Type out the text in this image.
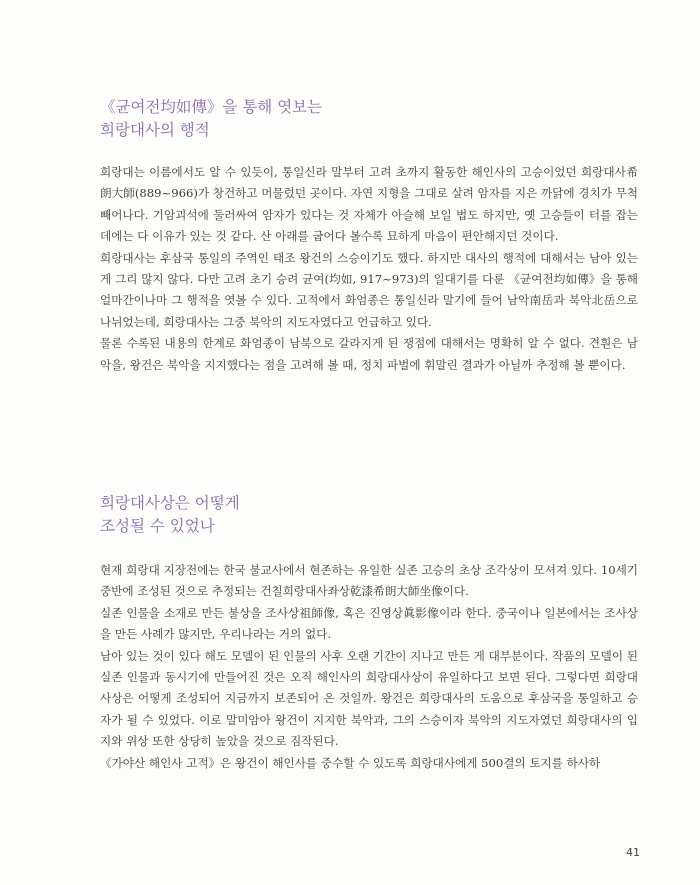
《균여전均如傳》을 통해 엿보는
희랑대사의 행적

희랑대는 이름에서도 알 수 있듯이, 통일신라 말부터 고려 초까지 활동한 해인사의 고승이었던 희랑대사希朗大師(889~966)가 창건하고 머물렀던 곳이다. 자연 지형을 그대로 살려 암자를 지은 까닭에 경치가 무척 빼어나다. 기암괴석에 둘러싸여 암자가 있다는 것 자체가 아슬해 보일 법도 하지만, 옛 고승들이 터를 잡는 데에는 다 이유가 있는 것 같다. 산 아래를 굽어다 볼수록 묘하게 마음이 편안해지던 것이다.

희랑대사는 후삼국 통일의 주역인 태조 왕건의 스승이기도 했다. 하지만 대사의 행적에 대해서는 남아 있는 게 그리 많지 않다. 다만 고려 초기 승려 균여(均如, 917~973)의 일대기를 다룬 《균여전均如傳》을 통해 얼마간이나마 그 행적을 엿볼 수 있다. 고적에서 화엄종은 통일신라 말기에 들어 남악南岳과 북악北岳으로 나뉘었는데, 희랑대사는 그중 북악의 지도자였다고 언급하고 있다.

물론 수록된 내용의 한계로 화엄종이 남북으로 갈라지게 된 쟁점에 대해서는 명확히 알 수 없다. 견훤은 남악을, 왕건은 북악을 지지했다는 점을 고려해 볼 때, 정치 파벌에 휘말린 결과가 아닐까 추정해 볼 뿐이다.

희랑대사상은 어떻게
조성될 수 있었나

현재 희랑대 지장전에는 한국 불교사에서 현존하는 유일한 실존 고승의 초상 조각상이 모셔져 있다. 10세기 중반에 조성된 것으로 추정되는 건칠희랑대사좌상乾漆希朗大師坐像이다.

실존 인물을 소재로 만든 불상을 조사상祖師像, 혹은 진영상眞影像이라 한다. 중국이나 일본에서는 조사상을 만든 사례가 많지만, 우리나라는 거의 없다.

남아 있는 것이 있다 해도 모델이 된 인물의 사후 오랜 기간이 지나고 만든 게 대부분이다. 작품의 모델이 된 실존 인물과 동시기에 만들어진 것은 오직 해인사의 희랑대사상이 유일하다고 보면 된다. 그렇다면 희랑대사상은 어떻게 조성되어 지금까지 보존되어 온 것일까. 왕건은 희랑대사의 도움으로 후삼국을 통일하고 승자가 될 수 있었다. 이로 말미암아 왕건이 지지한 북악과, 그의 스승이자 북악의 지도자였던 희랑대사의 입지와 위상 또한 상당히 높았을 것으로 짐작된다.

《가야산 해인사 고적》은 왕건이 해인사를 중수할 수 있도록 희랑대사에게 500결의 토지를 하사하

41
